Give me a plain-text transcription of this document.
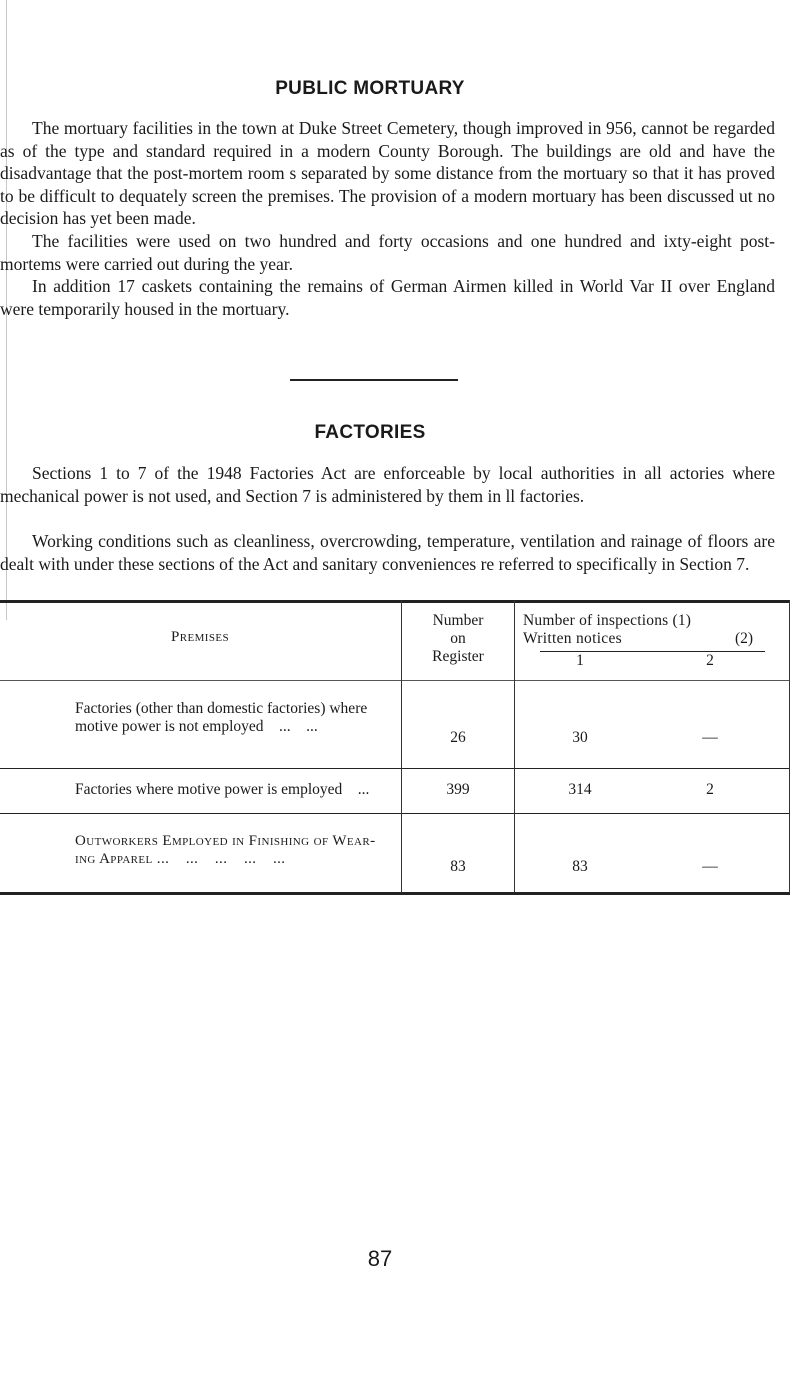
PUBLIC MORTUARY

The mortuary facilities in the town at Duke Street Cemetery, though improved in 956, cannot be regarded as of the type and standard required in a modern County Borough. The buildings are old and have the disadvantage that the post-mortem room s separated by some distance from the mortuary so that it has proved to be difficult to dequately screen the premises. The provision of a modern mortuary has been discussed ut no decision has yet been made.

The facilities were used on two hundred and forty occasions and one hundred and ixty-eight post-mortems were carried out during the year.

In addition 17 caskets containing the remains of German Airmen killed in World Var II over England were temporarily housed in the mortuary.

FACTORIES

Sections 1 to 7 of the 1948 Factories Act are enforceable by local authorities in all actories where mechanical power is not used, and Section 7 is administered by them in ll factories.

Working conditions such as cleanliness, overcrowding, temperature, ventilation and rainage of floors are dealt with under these sections of the Act and sanitary conveniences re referred to specifically in Section 7.

Premises
Number
on
Register
Number of inspections (1)
Written notices	(2)
1	2
Factories (other than domestic factories) where
motive power is not employed    ...    ...
26	30	—
Factories where motive power is employed    ...	399	314	2
Outworkers Employed in Finishing of Wear-
ing Apparel ...    ...    ...    ...    ...	83	83	—
87
